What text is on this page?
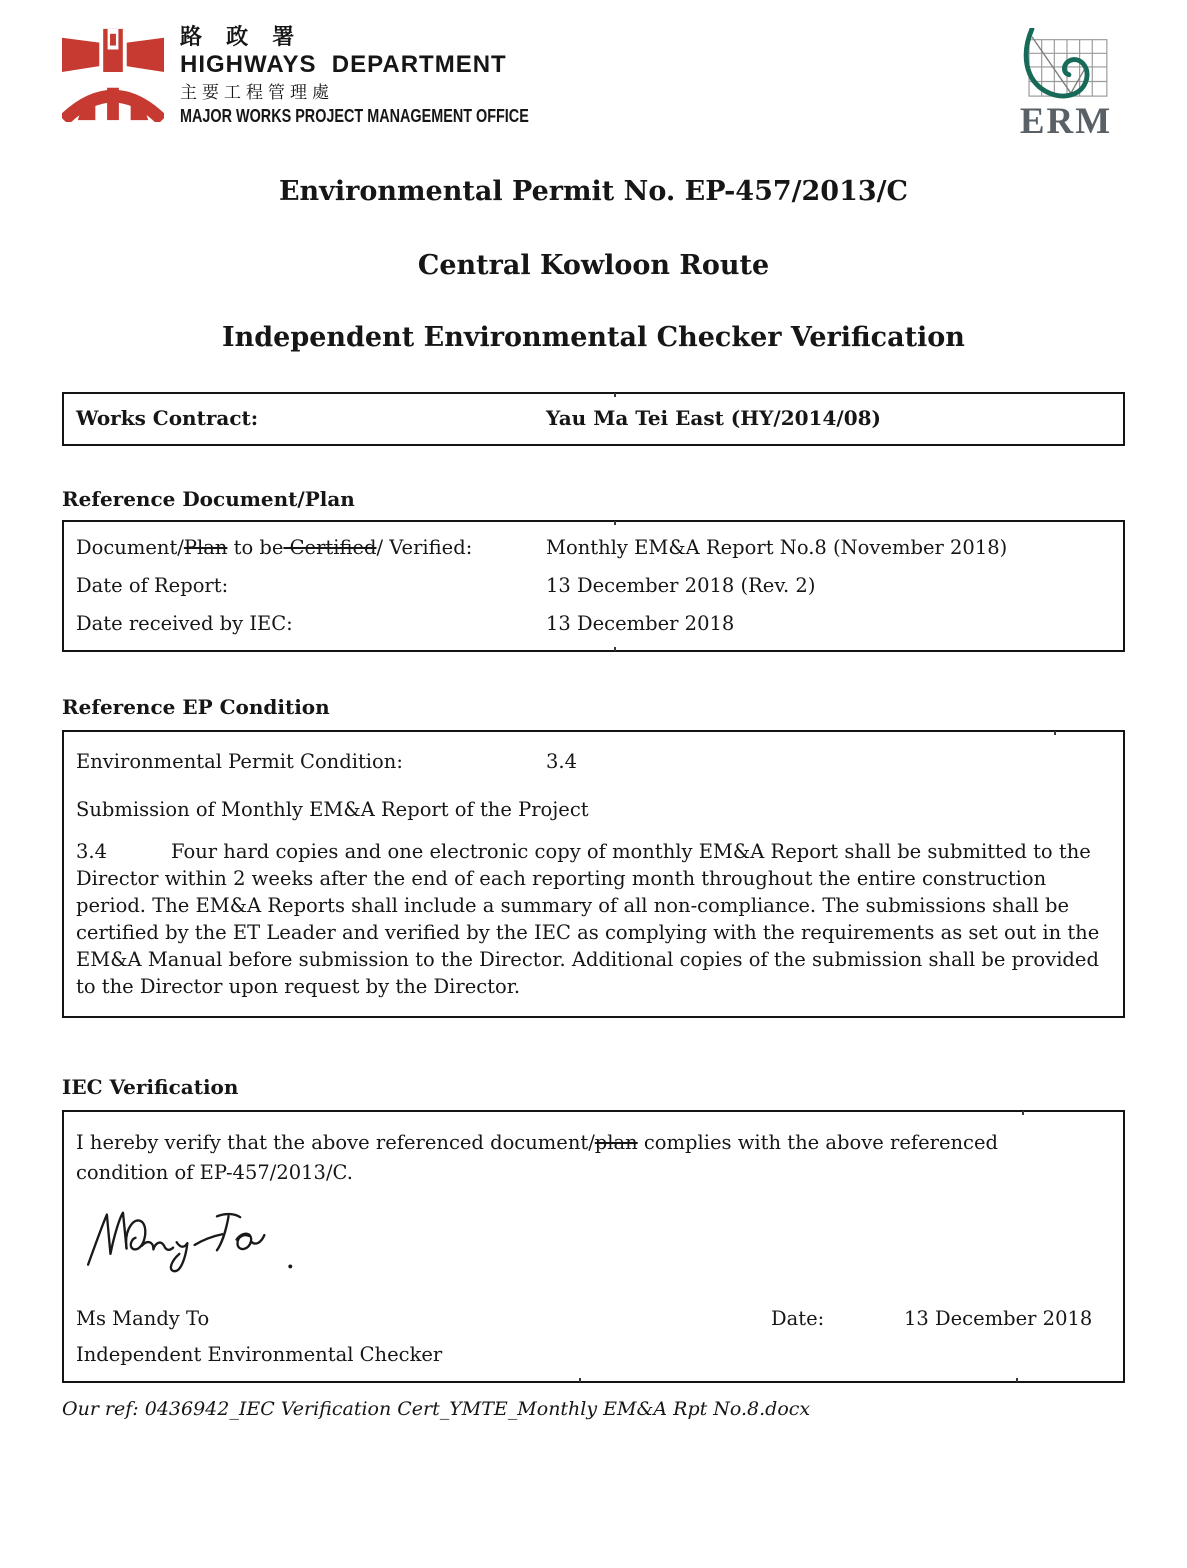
路 政 署
HIGHWAYS  DEPARTMENT
主要工程管理處
MAJOR WORKS PROJECT MANAGEMENT OFFICE	ERM
Environmental Permit No. EP-457/2013/C
Central Kowloon Route
Independent Environmental Checker Verification
Works Contract:	Yau Ma Tei East (HY/2014/08)
Reference Document/Plan
Document/Plan to be Certified/ Verified:	Monthly EM&A Report No.8 (November 2018)
Date of Report:	13 December 2018 (Rev. 2)
Date received by IEC:	13 December 2018
Reference EP Condition
Environmental Permit Condition:	3.4
Submission of Monthly EM&A Report of the Project
3.4	Four hard copies and one electronic copy of monthly EM&A Report shall be submitted to the Director within 2 weeks after the end of each reporting month throughout the entire construction period. The EM&A Reports shall include a summary of all non-compliance. The submissions shall be certified by the ET Leader and verified by the IEC as complying with the requirements as set out in the EM&A Manual before submission to the Director. Additional copies of the submission shall be provided to the Director upon request by the Director.
IEC Verification
I hereby verify that the above referenced document/plan complies with the above referenced condition of EP-457/2013/C.
Ms Mandy To	Date:	13 December 2018
Independent Environmental Checker
Our ref: 0436942_IEC Verification Cert_YMTE_Monthly EM&A Rpt No.8.docx
